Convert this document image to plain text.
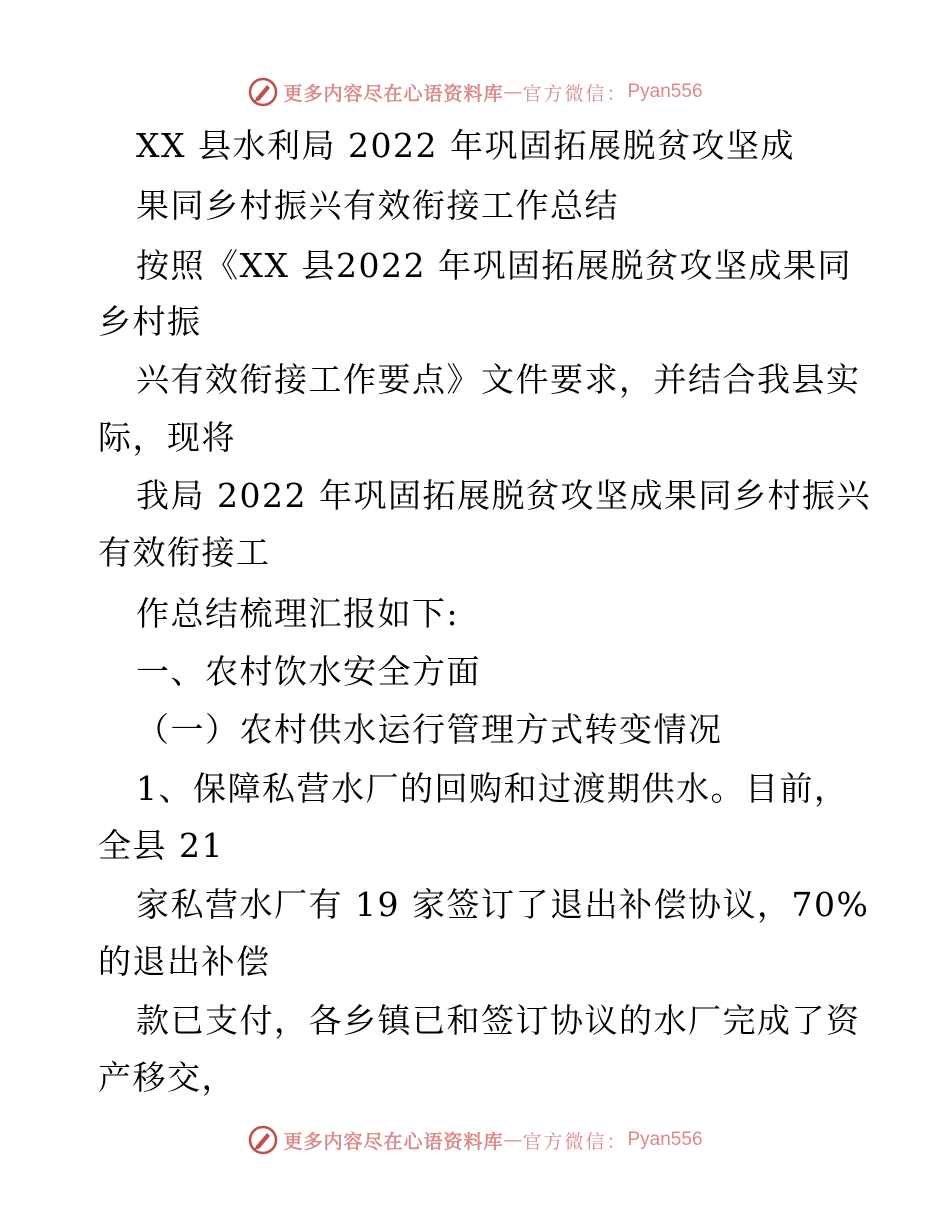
更多内容尽在心语资料库 — 官方微信： Pyan556
XX 县水利局 2022 年巩固拓展脱贫攻坚成
果同乡村振兴有效衔接工作总结
按照《XX 县2022 年巩固拓展脱贫攻坚成果同
乡村振
兴有效衔接工作要点》文件要求，并结合我县实
际，现将
我局 2022 年巩固拓展脱贫攻坚成果同乡村振兴
有效衔接工
作总结梳理汇报如下:
一、农村饮水安全方面
（一）农村供水运行管理方式转变情况
1、保障私营水厂的回购和过渡期供水。目前，
全县 21
家私营水厂有 19 家签订了退出补偿协议，70%
的退出补偿
款已支付，各乡镇已和签订协议的水厂完成了资
产移交，
更多内容尽在心语资料库 — 官方微信： Pyan556
